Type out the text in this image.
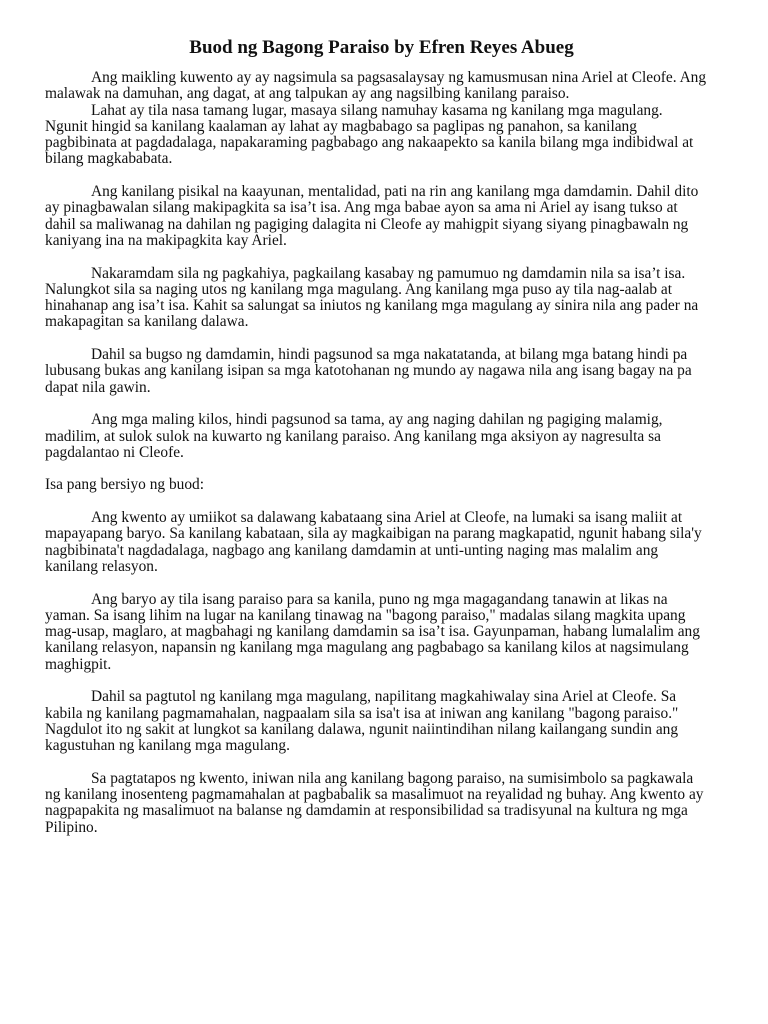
Buod ng Bagong Paraiso by Efren Reyes Abueg

Ang maikling kuwento ay ay nagsimula sa pagsasalaysay ng kamusmusan nina Ariel at Cleofe. Ang malawak na damuhan, ang dagat, at ang talpukan ay ang nagsilbing kanilang paraiso.

Lahat ay tila nasa tamang lugar, masaya silang namuhay kasama ng kanilang mga magulang. Ngunit hingid sa kanilang kaalaman ay lahat ay magbabago sa paglipas ng panahon, sa kanilang pagbibinata at pagdadalaga, napakaraming pagbabago ang nakaapekto sa kanila bilang mga indibidwal at bilang magkababata.

Ang kanilang pisikal na kaayunan, mentalidad, pati na rin ang kanilang mga damdamin. Dahil dito ay pinagbawalan silang makipagkita sa isa’t isa. Ang mga babae ayon sa ama ni Ariel ay isang tukso at dahil sa maliwanag na dahilan ng pagiging dalagita ni Cleofe ay mahigpit siyang siyang pinagbawaln ng kaniyang ina na makipagkita kay Ariel.

Nakaramdam sila ng pagkahiya, pagkailang kasabay ng pamumuo ng damdamin nila sa isa’t isa. Nalungkot sila sa naging utos ng kanilang mga magulang. Ang kanilang mga puso ay tila nag-aalab at hinahanap ang isa’t isa. Kahit sa salungat sa iniutos ng kanilang mga magulang ay sinira nila ang pader na makapagitan sa kanilang dalawa.

Dahil sa bugso ng damdamin, hindi pagsunod sa mga nakatatanda, at bilang mga batang hindi pa lubusang bukas ang kanilang isipan sa mga katotohanan ng mundo ay nagawa nila ang isang bagay na pa dapat nila gawin.

Ang mga maling kilos, hindi pagsunod sa tama, ay ang naging dahilan ng pagiging malamig, madilim, at sulok sulok na kuwarto ng kanilang paraiso. Ang kanilang mga aksiyon ay nagresulta sa pagdalantao ni Cleofe.

Isa pang bersiyo ng buod:

Ang kwento ay umiikot sa dalawang kabataang sina Ariel at Cleofe, na lumaki sa isang maliit at mapayapang baryo. Sa kanilang kabataan, sila ay magkaibigan na parang magkapatid, ngunit habang sila'y nagbibinata't nagdadalaga, nagbago ang kanilang damdamin at unti-unting naging mas malalim ang kanilang relasyon.

Ang baryo ay tila isang paraiso para sa kanila, puno ng mga magagandang tanawin at likas na yaman. Sa isang lihim na lugar na kanilang tinawag na "bagong paraiso," madalas silang magkita upang mag-usap, maglaro, at magbahagi ng kanilang damdamin sa isa’t isa. Gayunpaman, habang lumalalim ang kanilang relasyon, napansin ng kanilang mga magulang ang pagbabago sa kanilang kilos at nagsimulang maghigpit.

Dahil sa pagtutol ng kanilang mga magulang, napilitang magkahiwalay sina Ariel at Cleofe. Sa kabila ng kanilang pagmamahalan, nagpaalam sila sa isa't isa at iniwan ang kanilang "bagong paraiso." Nagdulot ito ng sakit at lungkot sa kanilang dalawa, ngunit naiintindihan nilang kailangang sundin ang kagustuhan ng kanilang mga magulang.

Sa pagtatapos ng kwento, iniwan nila ang kanilang bagong paraiso, na sumisimbolo sa pagkawala ng kanilang inosenteng pagmamahalan at pagbabalik sa masalimuot na reyalidad ng buhay. Ang kwento ay nagpapakita ng masalimuot na balanse ng damdamin at responsibilidad sa tradisyunal na kultura ng mga Pilipino.
